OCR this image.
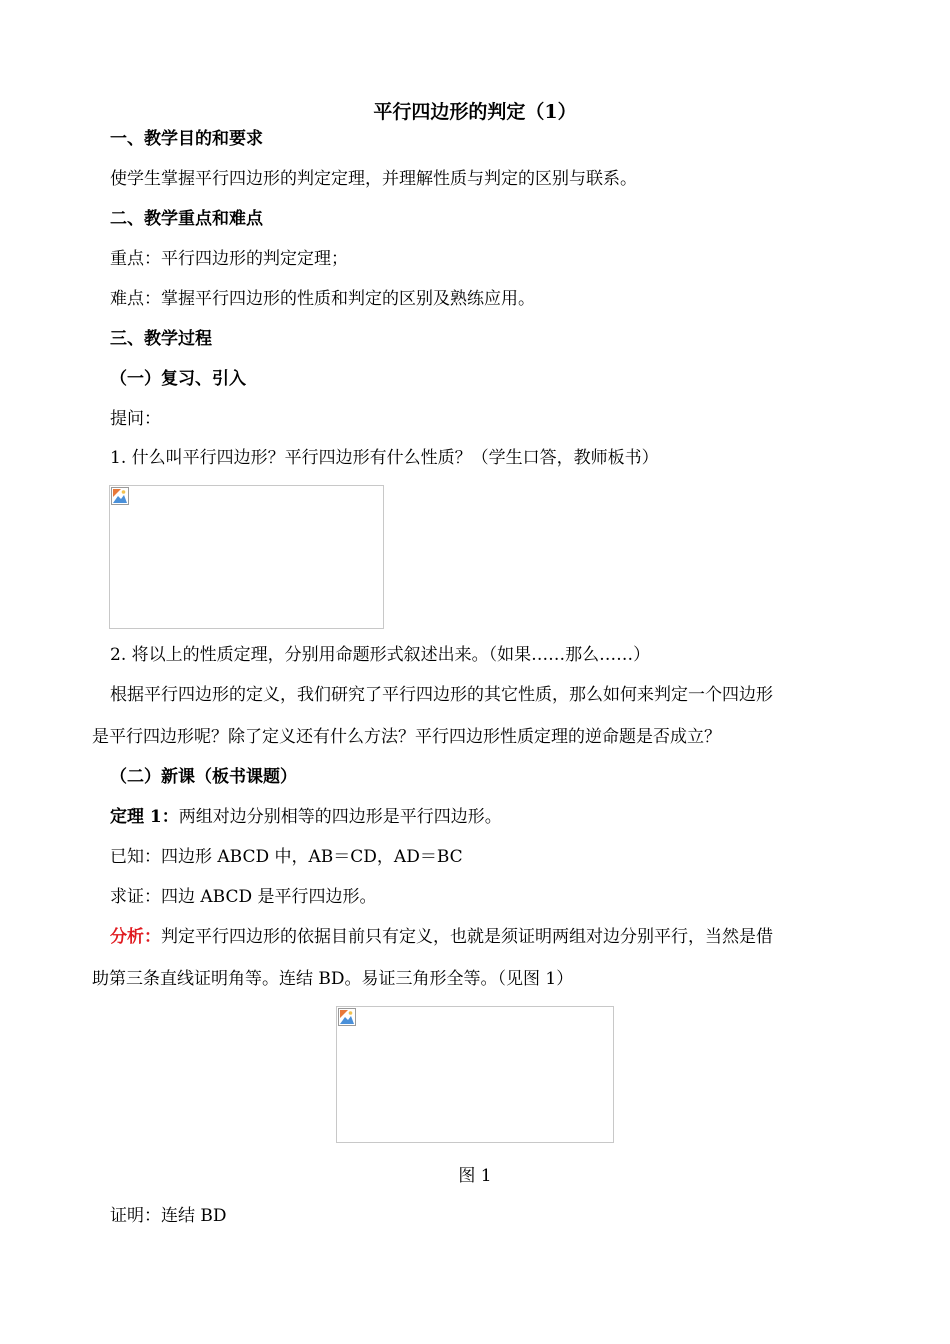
平行四边形的判定（1）
一、教学目的和要求
使学生掌握平行四边形的判定定理，并理解性质与判定的区别与联系。
二、教学重点和难点
重点：平行四边形的判定定理；
难点：掌握平行四边形的性质和判定的区别及熟练应用。
三、教学过程
（一）复习、引入
提问：
1. 什么叫平行四边形？平行四边形有什么性质？（学生口答，教师板书）
2. 将以上的性质定理，分别用命题形式叙述出来。（如果……那么……）
根据平行四边形的定义，我们研究了平行四边形的其它性质，那么如何来判定一个四边形
是平行四边形呢？除了定义还有什么方法？平行四边形性质定理的逆命题是否成立？
（二）新课（板书课题）
定理 1：两组对边分别相等的四边形是平行四边形。
已知：四边形 ABCD 中，AB＝CD，AD＝BC
求证：四边 ABCD 是平行四边形。
分析：判定平行四边形的依据目前只有定义，也就是须证明两组对边分别平行，当然是借
助第三条直线证明角等。连结 BD。易证三角形全等。（见图 1）
图 1
证明：连结 BD
